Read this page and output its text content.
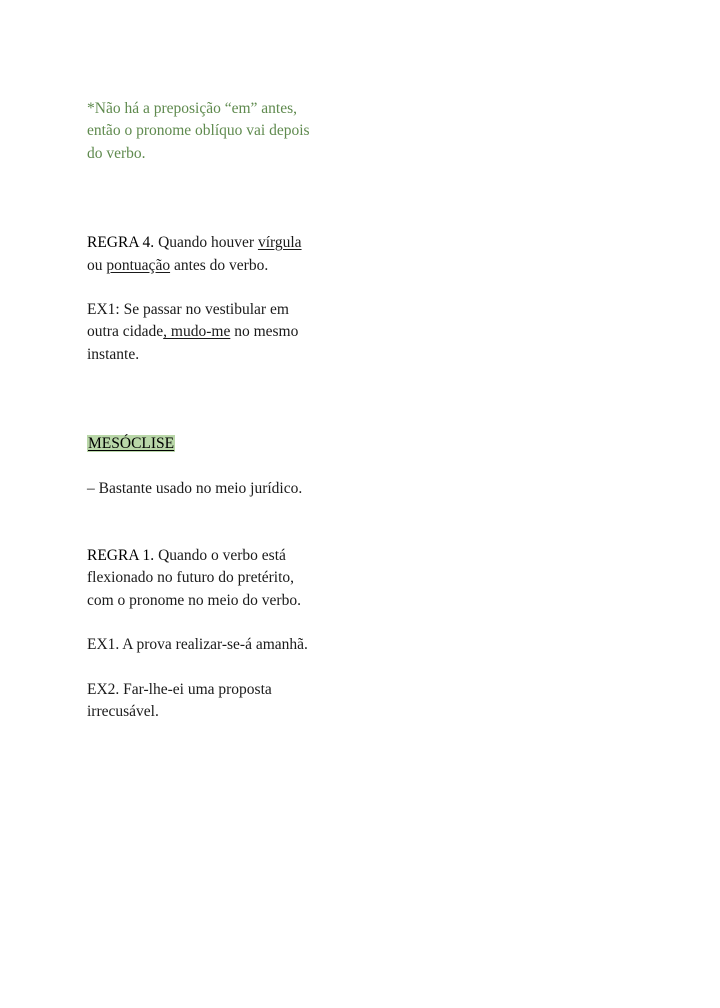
*Não há a preposição “em” antes,

então o pronome oblíquo vai depois

do verbo.

REGRA 4. Quando houver vírgula

ou pontuação antes do verbo.

EX1: Se passar no vestibular em

outra cidade, mudo-me no mesmo

instante.

MESÓCLISE

– Bastante usado no meio jurídico.

REGRA 1. Quando o verbo está

flexionado no futuro do pretérito,

com o pronome no meio do verbo.

EX1. A prova realizar-se-á amanhã.

EX2. Far-lhe-ei uma proposta

irrecusável.
